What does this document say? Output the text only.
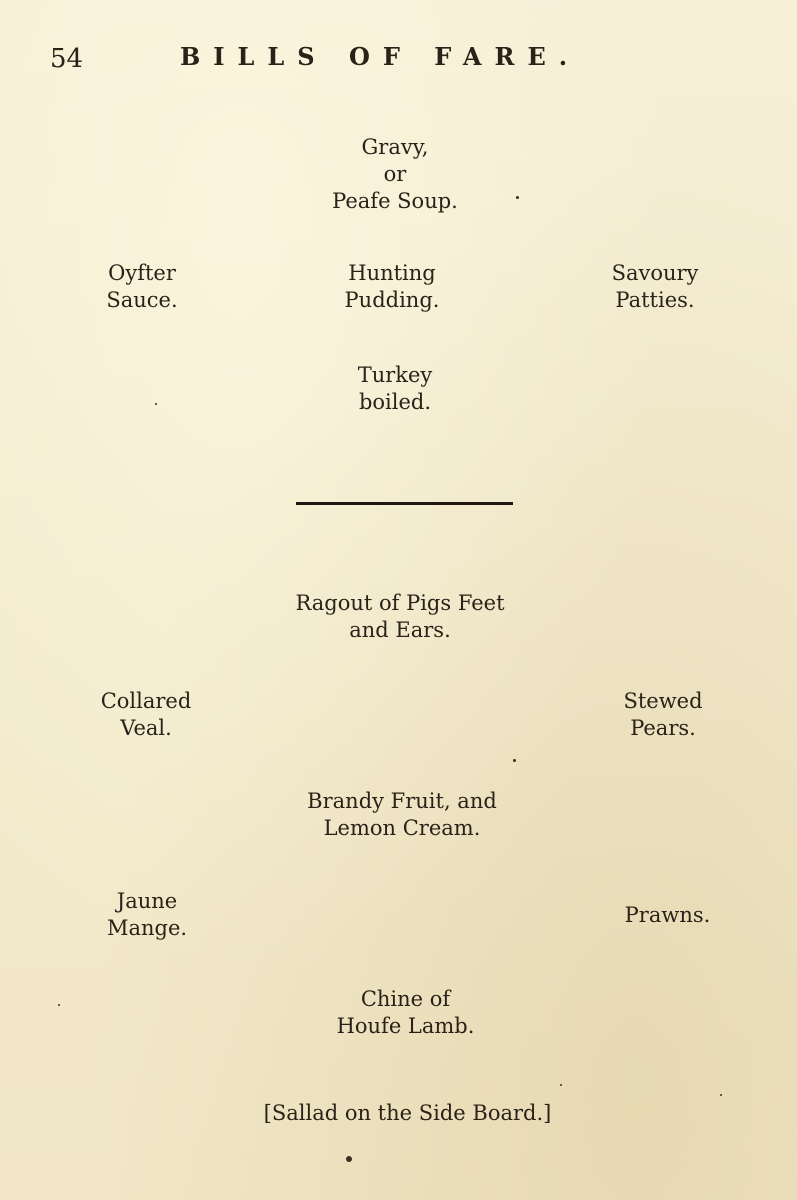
54	BILLS OF FARE.
Gravy,
or
Peafe Soup.
Oyfter
Sauce.
Hunting
Pudding.
Savoury
Patties.
Turkey
boiled.
Ragout of Pigs Feet
and Ears.
Collared
Veal.
Stewed
Pears.
Brandy Fruit, and
Lemon Cream.
Jaune
Mange.
Prawns.
Chine of
Houfe Lamb.
[Sallad on the Side Board.]
